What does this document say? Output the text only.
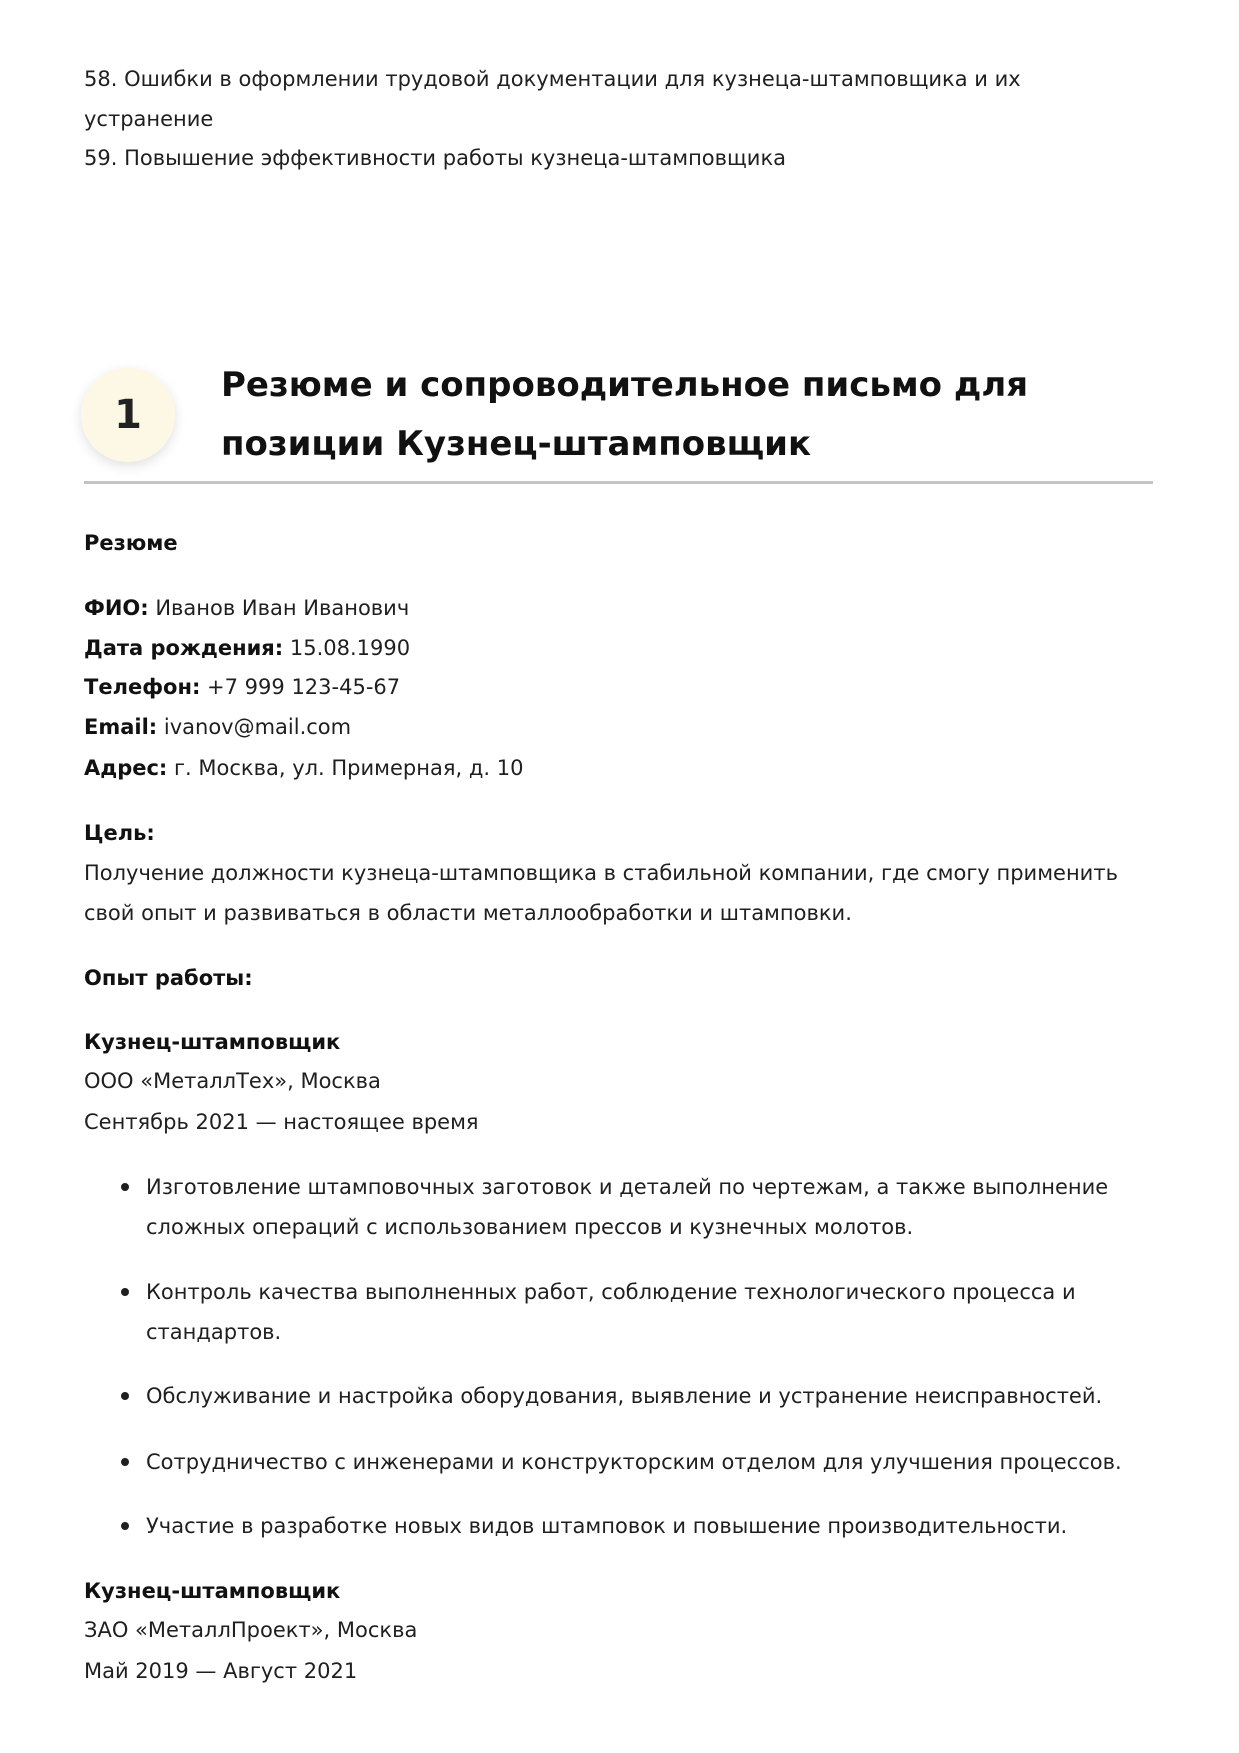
58. Ошибки в оформлении трудовой документации для кузнеца-штамповщика и их устранение
59. Повышение эффективности работы кузнеца-штамповщика
1
Резюме и сопроводительное письмо для позиции Кузнец-штамповщик
Резюме
ФИО: Иванов Иван Иванович
Дата рождения: 15.08.1990
Телефон: +7 999 123-45-67
Email: ivanov@mail.com
Адрес: г. Москва, ул. Примерная, д. 10
Цель:
Получение должности кузнеца-штамповщика в стабильной компании, где смогу применить свой опыт и развиваться в области металлообработки и штамповки.
Опыт работы:
Кузнец-штамповщик
ООО «МеталлТех», Москва
Сентябрь 2021 — настоящее время
Изготовление штамповочных заготовок и деталей по чертежам, а также выполнение сложных операций с использованием прессов и кузнечных молотов.
Контроль качества выполненных работ, соблюдение технологического процесса и стандартов.
Обслуживание и настройка оборудования, выявление и устранение неисправностей.
Сотрудничество с инженерами и конструкторским отделом для улучшения процессов.
Участие в разработке новых видов штамповок и повышение производительности.
Кузнец-штамповщик
ЗАО «МеталлПроект», Москва
Май 2019 — Август 2021
